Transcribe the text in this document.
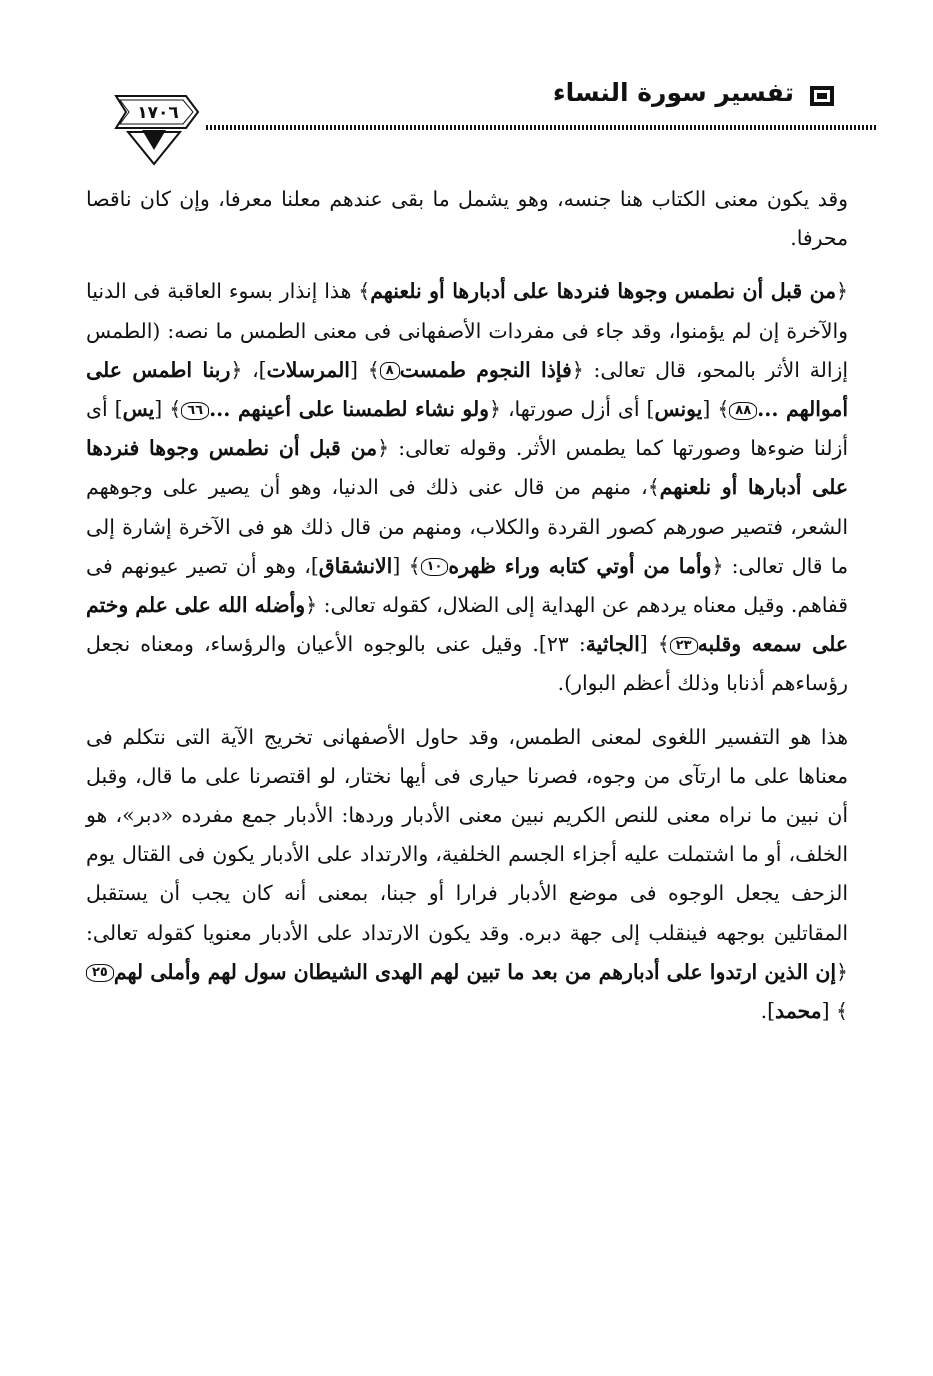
١٧٠٦
تفسير سورة النساء

وقد يكون معنى الكتاب هنا جنسه، وهو يشمل ما بقى عندهم معلنا معرفا، وإن كان ناقصا محرفا.

﴿من قبل أن نطمس وجوها فنردها على أدبارها أو نلعنهم﴾ هذا إنذار بسوء العاقبة فى الدنيا والآخرة إن لم يؤمنوا، وقد جاء فى مفردات الأصفهانى فى معنى الطمس ما نصه: (الطمس إزالة الأثر بالمحو، قال تعالى: ﴿فإذا النجوم طمست٨﴾ [المرسلات]، ﴿ربنا اطمس على أموالهم ...٨٨﴾ [يونس] أى أزل صورتها، ﴿ولو نشاء لطمسنا على أعينهم ...٦٦﴾ [يس] أى أزلنا ضوءها وصورتها كما يطمس الأثر. وقوله تعالى: ﴿من قبل أن نطمس وجوها فنردها على أدبارها أو نلعنهم﴾، منهم من قال عنى ذلك فى الدنيا، وهو أن يصير على وجوههم الشعر، فتصير صورهم كصور القردة والكلاب، ومنهم من قال ذلك هو فى الآخرة إشارة إلى ما قال تعالى: ﴿وأما من أوتي كتابه وراء ظهره١٠﴾ [الانشقاق]، وهو أن تصير عيونهم فى قفاهم. وقيل معناه يردهم عن الهداية إلى الضلال، كقوله تعالى: ﴿وأضله الله على علم وختم على سمعه وقلبه٢٣﴾ [الجاثية: ٢٣]. وقيل عنى بالوجوه الأعيان والرؤساء، ومعناه نجعل رؤساءهم أذنابا وذلك أعظم البوار).

هذا هو التفسير اللغوى لمعنى الطمس، وقد حاول الأصفهانى تخريج الآية التى نتكلم فى معناها على ما ارتآى من وجوه، فصرنا حيارى فى أيها نختار، لو اقتصرنا على ما قال، وقبل أن نبين ما نراه معنى للنص الكريم نبين معنى الأدبار وردها: الأدبار جمع مفرده «دبر»، هو الخلف، أو ما اشتملت عليه أجزاء الجسم الخلفية، والارتداد على الأدبار يكون فى القتال يوم الزحف يجعل الوجوه فى موضع الأدبار فرارا أو جبنا، بمعنى أنه كان يجب أن يستقبل المقاتلين بوجهه فينقلب إلى جهة دبره. وقد يكون الارتداد على الأدبار معنويا كقوله تعالى: ﴿إن الذين ارتدوا على أدبارهم من بعد ما تبين لهم الهدى الشيطان سول لهم وأملى لهم٢٥﴾ [محمد].
